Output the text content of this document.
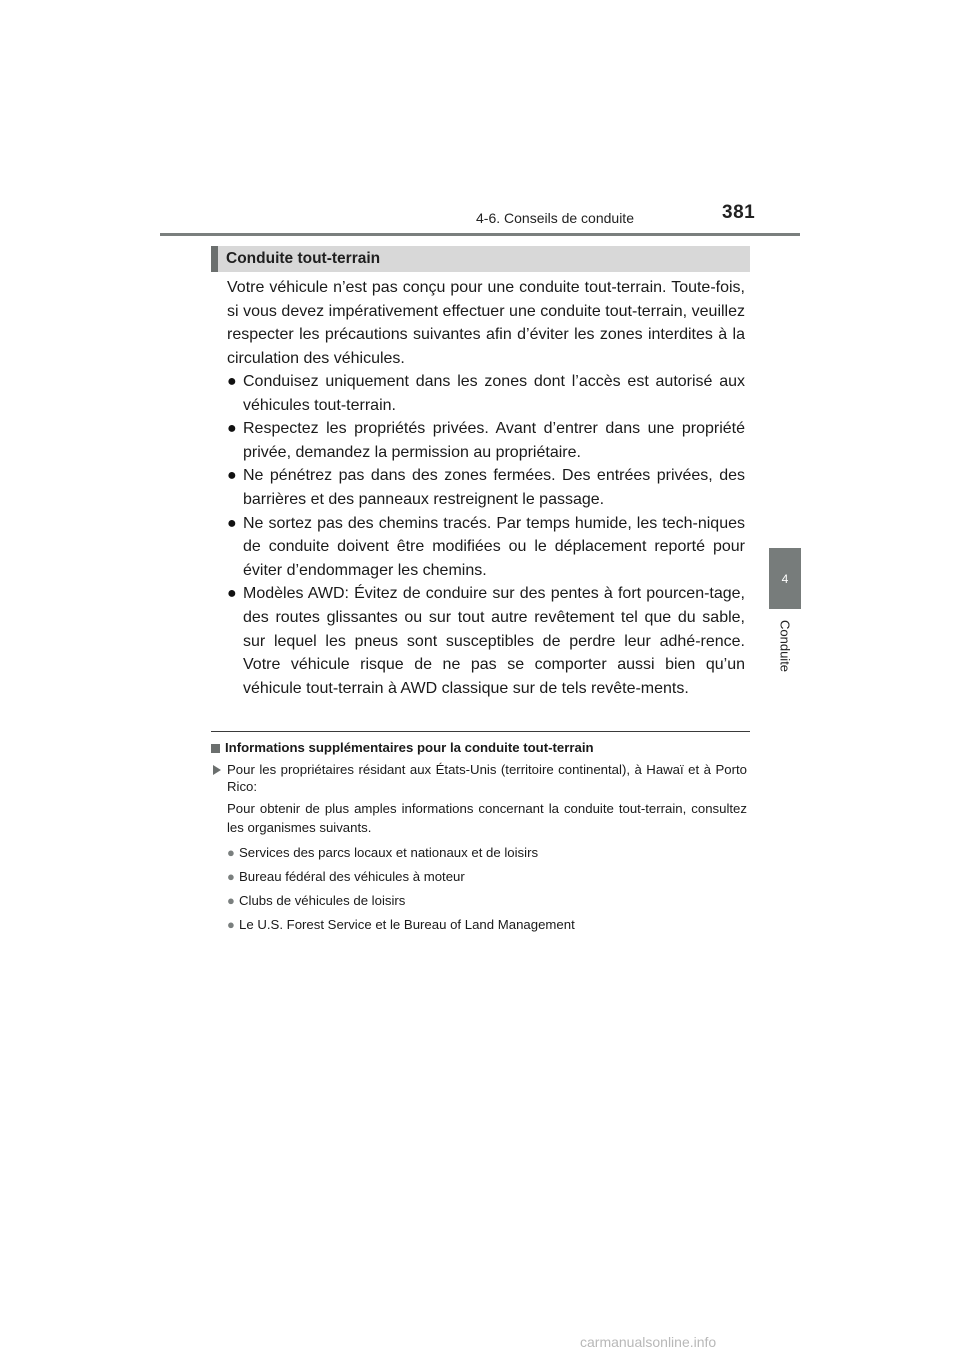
4-6. Conseils de conduite	381
4
Conduite
Conduite tout-terrain

Votre véhicule n’est pas conçu pour une conduite tout-terrain. Toute-fois, si vous devez impérativement effectuer une conduite tout-terrain, veuillez respecter les précautions suivantes afin d’éviter les zones interdites à la circulation des véhicules.

● Conduisez uniquement dans les zones dont l’accès est autorisé aux véhicules tout-terrain.
● Respectez les propriétés privées. Avant d’entrer dans une propriété privée, demandez la permission au propriétaire.
● Ne pénétrez pas dans des zones fermées. Des entrées privées, des barrières et des panneaux restreignent le passage.
● Ne sortez pas des chemins tracés. Par temps humide, les tech-niques de conduite doivent être modifiées ou le déplacement reporté pour éviter d’endommager les chemins.
● Modèles AWD: Évitez de conduire sur des pentes à fort pourcen-tage, des routes glissantes ou sur tout autre revêtement tel que du sable, sur lequel les pneus sont susceptibles de perdre leur adhé-rence. Votre véhicule risque de ne pas se comporter aussi bien qu’un véhicule tout-terrain à AWD classique sur de tels revête-ments.
Informations supplémentaires pour la conduite tout-terrain
Pour les propriétaires résidant aux États-Unis (territoire continental), à Hawaï et à Porto Rico:

Pour obtenir de plus amples informations concernant la conduite tout-terrain, consultez les organismes suivants.

● Services des parcs locaux et nationaux et de loisirs
● Bureau fédéral des véhicules à moteur
● Clubs de véhicules de loisirs
● Le U.S. Forest Service et le Bureau of Land Management
carmanualsonline.info
